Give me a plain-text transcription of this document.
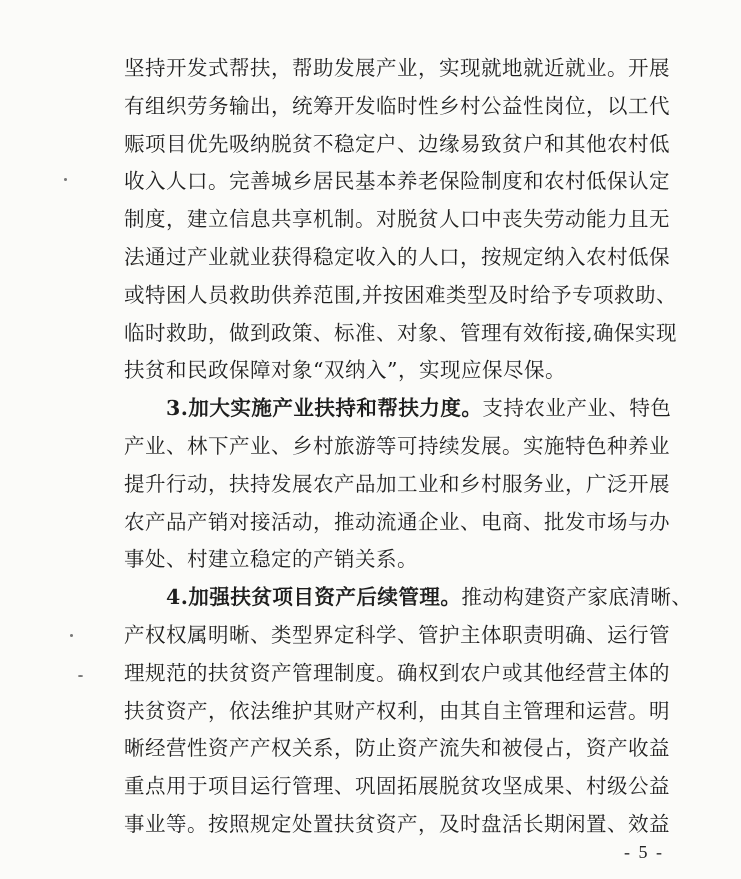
坚持开发式帮扶，帮助发展产业，实现就地就近就业。开展
有组织劳务输出，统筹开发临时性乡村公益性岗位，以工代
赈项目优先吸纳脱贫不稳定户、边缘易致贫户和其他农村低
收入人口。完善城乡居民基本养老保险制度和农村低保认定
制度，建立信息共享机制。对脱贫人口中丧失劳动能力且无
法通过产业就业获得稳定收入的人口，按规定纳入农村低保
或特困人员救助供养范围,并按困难类型及时给予专项救助、
临时救助，做到政策、标准、对象、管理有效衔接,确保实现
扶贫和民政保障对象“双纳入”，实现应保尽保。
3.加大实施产业扶持和帮扶力度。支持农业产业、特色
产业、林下产业、乡村旅游等可持续发展。实施特色种养业
提升行动，扶持发展农产品加工业和乡村服务业，广泛开展
农产品产销对接活动，推动流通企业、电商、批发市场与办
事处、村建立稳定的产销关系。
4.加强扶贫项目资产后续管理。推动构建资产家底清晰、
产权权属明晰、类型界定科学、管护主体职责明确、运行管
理规范的扶贫资产管理制度。确权到农户或其他经营主体的
扶贫资产，依法维护其财产权利，由其自主管理和运营。明
晰经营性资产产权关系，防止资产流失和被侵占，资产收益
重点用于项目运行管理、巩固拓展脱贫攻坚成果、村级公益
事业等。按照规定处置扶贫资产，及时盘活长期闲置、效益
- 5 -
